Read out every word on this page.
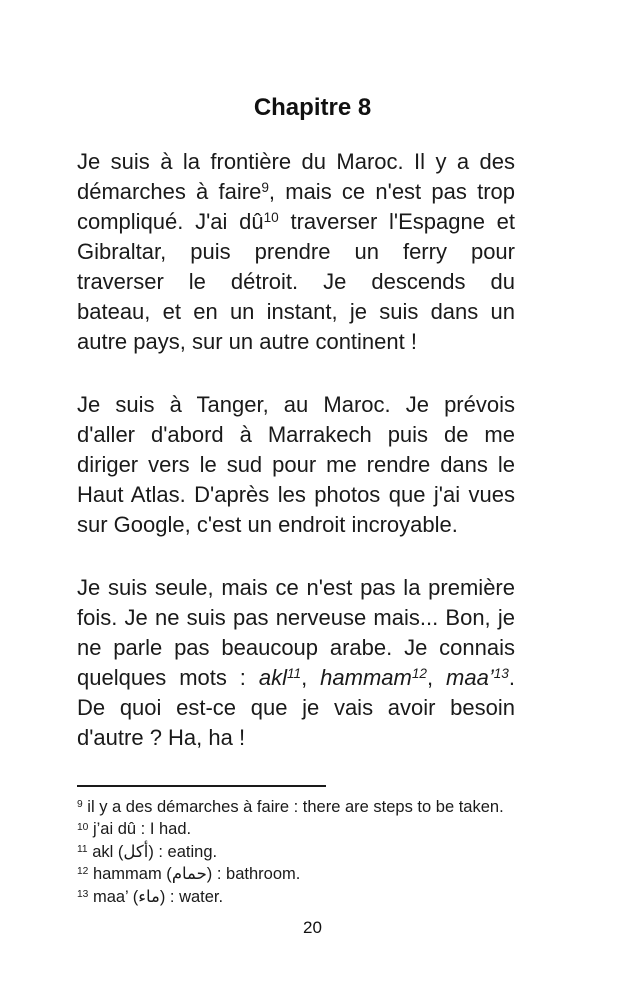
Chapitre 8
Je suis à la frontière du Maroc. Il y a des
démarches à faire$^9$, mais ce n'est pas trop
compliqué. J'ai $dû^{10}$ traverser l'Espagne et
Gibraltar, puis prendre un ferry pour
traverser le détroit. Je descends du
bateau, et en un instant, je suis dans un
autre pays, sur un autre continent !
Je suis à Tanger, au Maroc. Je prévois
d'aller d'abord à Marrakech puis de me
diriger vers le sud pour me rendre dans le
Haut Atlas. D'après les photos que j'ai vues
sur Google, c'est un endroit incroyable.
Je suis seule, mais ce n'est pas la première
fois. Je ne suis pas nerveuse mais... Bon, je
ne parle pas beaucoup arabe. Je connais
quelques mots : akl$^{11}$, hammam$^{12}$, maa’$^{13}$.
De quoi est-ce que je vais avoir besoin
d'autre ? Ha, ha !
$^9$ il y a des démarches à faire : there are steps to be taken.
$^{10}$ j’ai dû : I had.
$^{11}$ akl (أكل) : eating.
$^{12}$ hammam (حمام) : bathroom.
$^{13}$ maa’ (ماء) : water.
20
